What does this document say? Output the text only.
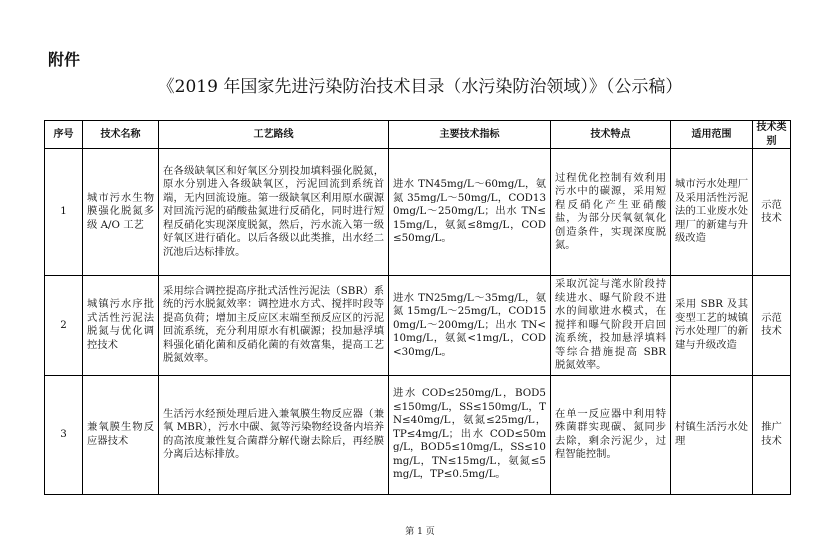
附件
《2019 年国家先进污染防治技术目录（水污染防治领域）》（公示稿）
序号	技术名称	工艺路线	主要技术指标	技术特点	适用范围	技术类别
1	城市污水生物膜强化脱氮多级 A/O 工艺	在各级缺氧区和好氧区分别投加填料强化脱氮，原水分别进入各级缺氧区，污泥回流到系统首端，无内回流设施。第一级缺氧区利用原水碳源对回流污泥的硝酸盐氮进行反硝化，同时进行短程反硝化实现深度脱氮，然后，污水流入第一级好氧区进行硝化。以后各级以此类推，出水经二沉池后达标排放。	进水 TN45mg/L～60mg/L，氨氮 35mg/L～50mg/L，COD130mg/L～250mg/L；出水 TN≤15mg/L，氨氮≤8mg/L，COD≤50mg/L。	过程优化控制有效利用污水中的碳源，采用短程反硝化产生亚硝酸盐，为部分厌氧氨氧化创造条件，实现深度脱氮。	城市污水处理厂及采用活性污泥法的工业废水处理厂的新建与升级改造	示范技术
2	城镇污水序批式活性污泥法脱氮与优化调控技术	采用综合调控提高序批式活性污泥法（SBR）系统的污水脱氮效率：调控进水方式、搅拌时段等提高负荷；增加主反应区末端至预反应区的污泥回流系统，充分利用原水有机碳源；投加悬浮填料强化硝化菌和反硝化菌的有效富集，提高工艺脱氮效率。	进水 TN25mg/L～35mg/L，氨氮 15mg/L～25mg/L，COD150mg/L～200mg/L；出水 TN<10mg/L，氨氮<1mg/L，COD<30mg/L。	采取沉淀与滗水阶段持续进水、曝气阶段不进水的间歇进水模式，在搅拌和曝气阶段开启回流系统，投加悬浮填料等综合措施提高 SBR 脱氮效率。	采用 SBR 及其变型工艺的城镇污水处理厂的新建与升级改造	示范技术
3	兼氧膜生物反应器技术	生活污水经预处理后进入兼氧膜生物反应器（兼氧 MBR），污水中碳、氮等污染物经设备内培养的高浓度兼性复合菌群分解代谢去除后，再经膜分离后达标排放。	进水 COD≤250mg/L，BOD5≤150mg/L，SS≤150mg/L，TN≤40mg/L，氨氮≤25mg/L，TP≤4mg/L；出水 COD≤50mg/L，BOD5≤10mg/L，SS≤10mg/L，TN≤15mg/L，氨氮≤5mg/L，TP≤0.5mg/L。	在单一反应器中利用特殊菌群实现碳、氮同步去除，剩余污泥少，过程智能控制。	村镇生活污水处理	推广技术
第 1 页
